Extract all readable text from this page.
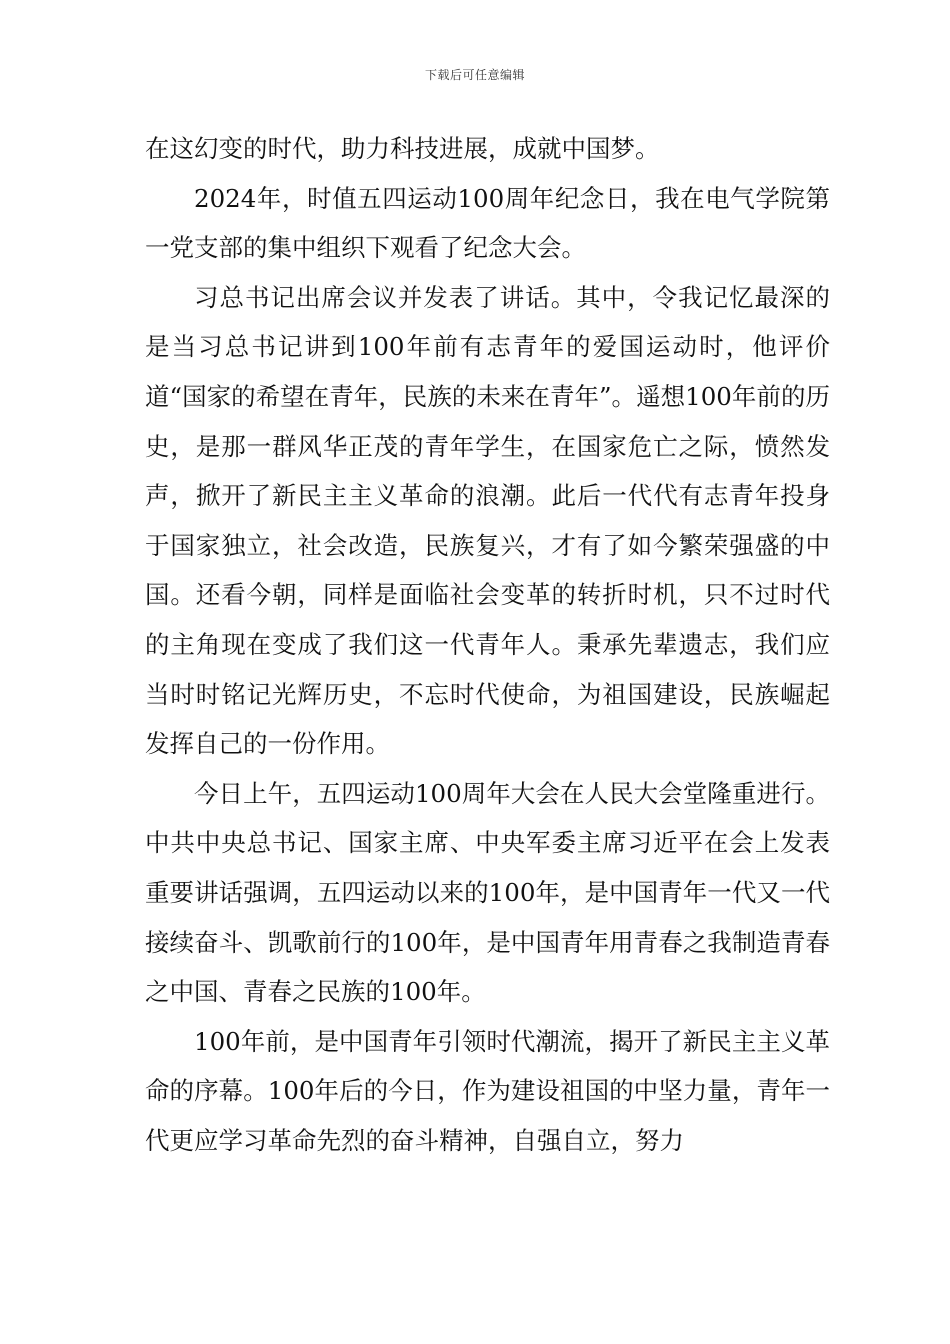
下载后可任意编辑

在这幻变的时代，助力科技进展，成就中国梦。

2024年，时值五四运动100周年纪念日，我在电气学院第一党支部的集中组织下观看了纪念大会。

习总书记出席会议并发表了讲话。其中，令我记忆最深的是当习总书记讲到100年前有志青年的爱国运动时，他评价道“国家的希望在青年，民族的未来在青年”。遥想100年前的历史，是那一群风华正茂的青年学生，在国家危亡之际，愤然发声，掀开了新民主主义革命的浪潮。此后一代代有志青年投身于国家独立，社会改造，民族复兴，才有了如今繁荣强盛的中国。还看今朝，同样是面临社会变革的转折时机，只不过时代的主角现在变成了我们这一代青年人。秉承先辈遗志，我们应当时时铭记光辉历史，不忘时代使命，为祖国建设，民族崛起发挥自己的一份作用。

今日上午，五四运动100周年大会在人民大会堂隆重进行。中共中央总书记、国家主席、中央军委主席习近平在会上发表重要讲话强调，五四运动以来的100年，是中国青年一代又一代接续奋斗、凯歌前行的100年，是中国青年用青春之我制造青春之中国、青春之民族的100年。

100年前，是中国青年引领时代潮流，揭开了新民主主义革命的序幕。100年后的今日，作为建设祖国的中坚力量，青年一代更应学习革命先烈的奋斗精神，自强自立，努力
